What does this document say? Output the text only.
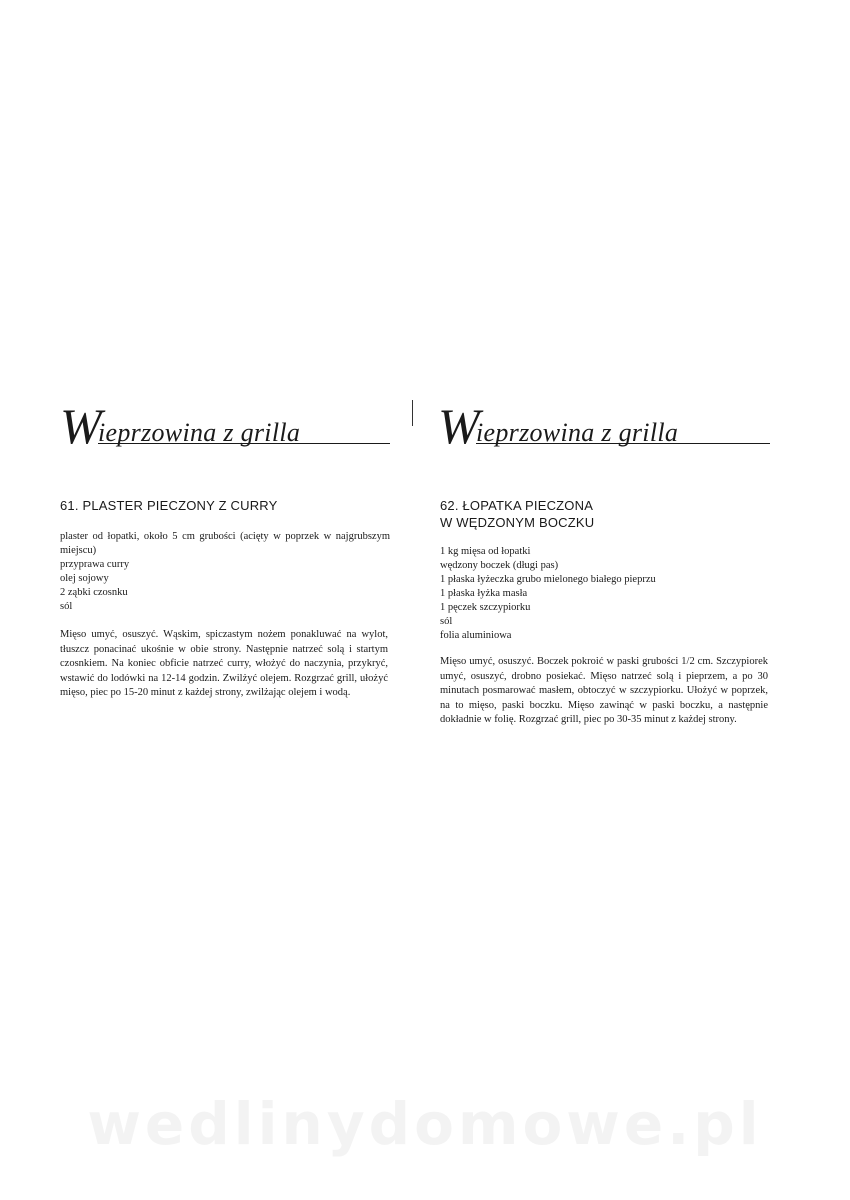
W
ieprzowina z grilla
61. PLASTER PIECZONY Z CURRY
plaster od łopatki, około 5 cm grubości (acięty w poprzek w najgrubszym miejscu)
przyprawa curry
olej sojowy
2 ząbki czosnku
sól
Mięso umyć, osuszyć. Wąskim, spiczastym nożem ponakluwać na wylot, tłuszcz ponacinać ukośnie w obie strony. Następnie natrzeć solą i startym czosnkiem. Na koniec obficie natrzeć curry, włożyć do naczynia, przykryć, wstawić do lodówki na 12-14 godzin. Zwilżyć olejem. Rozgrzać grill, ułożyć mięso, piec po 15-20 minut z każdej strony, zwilżając olejem i wodą.
W
ieprzowina z grilla
62. ŁOPATKA PIECZONA
W WĘDZONYM BOCZKU
1 kg mięsa od łopatki
wędzony boczek (długi pas)
1 płaska łyżeczka grubo mielonego białego pieprzu
1 płaska łyżka masła
1 pęczek szczypiorku
sól
folia aluminiowa
Mięso umyć, osuszyć. Boczek pokroić w paski grubości 1/2 cm. Szczypiorek umyć, osuszyć, drobno posiekać. Mięso natrzeć solą i pieprzem, a po 30 minutach posmarować masłem, obtoczyć w szczypiorku. Ułożyć w poprzek, na to mięso, paski boczku. Mięso zawinąć w paski boczku, a następnie dokładnie w folię. Rozgrzać grill, piec po 30-35 minut z każdej strony.
wedlinydomowe.pl
